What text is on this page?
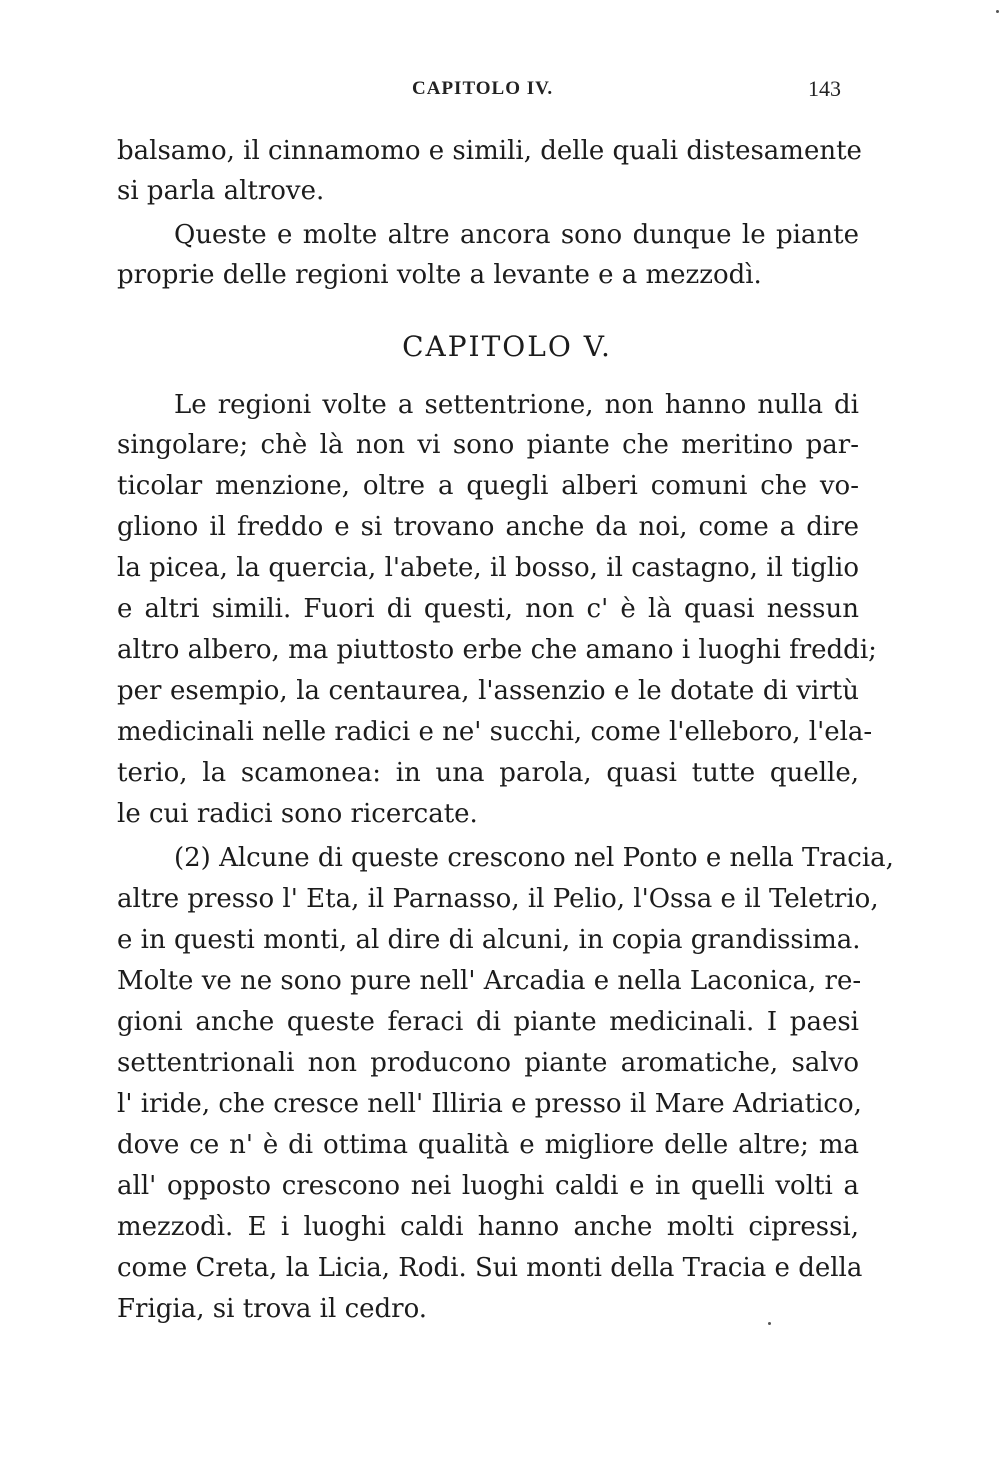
CAPITOLO IV.	143
balsamo, il cinnamomo e simili, delle quali distesamente
si parla altrove.
Queste e molte altre ancora sono dunque le piante
proprie delle regioni volte a levante e a mezzodì.
CAPITOLO V.
Le regioni volte a settentrione, non hanno nulla di
singolare; chè là non vi sono piante che meritino par-
ticolar menzione, oltre a quegli alberi comuni che vo-
gliono il freddo e si trovano anche da noi, come a dire
la picea, la quercia, l'abete, il bosso, il castagno, il tiglio
e altri simili. Fuori di questi, non c' è là quasi nessun
altro albero, ma piuttosto erbe che amano i luoghi freddi;
per esempio, la centaurea, l'assenzio e le dotate di virtù
medicinali nelle radici e ne' succhi, come l'elleboro, l'ela-
terio, la scamonea: in una parola, quasi tutte quelle,
le cui radici sono ricercate.
(2) Alcune di queste crescono nel Ponto e nella Tracia,
altre presso l' Eta, il Parnasso, il Pelio, l'Ossa e il Teletrio,
e in questi monti, al dire di alcuni, in copia grandissima.
Molte ve ne sono pure nell' Arcadia e nella Laconica, re-
gioni anche queste feraci di piante medicinali. I paesi
settentrionali non producono piante aromatiche, salvo
l' iride, che cresce nell' Illiria e presso il Mare Adriatico,
dove ce n' è di ottima qualità e migliore delle altre; ma
all' opposto crescono nei luoghi caldi e in quelli volti a
mezzodì. E i luoghi caldi hanno anche molti cipressi,
come Creta, la Licia, Rodi. Sui monti della Tracia e della
Frigia, si trova il cedro.
